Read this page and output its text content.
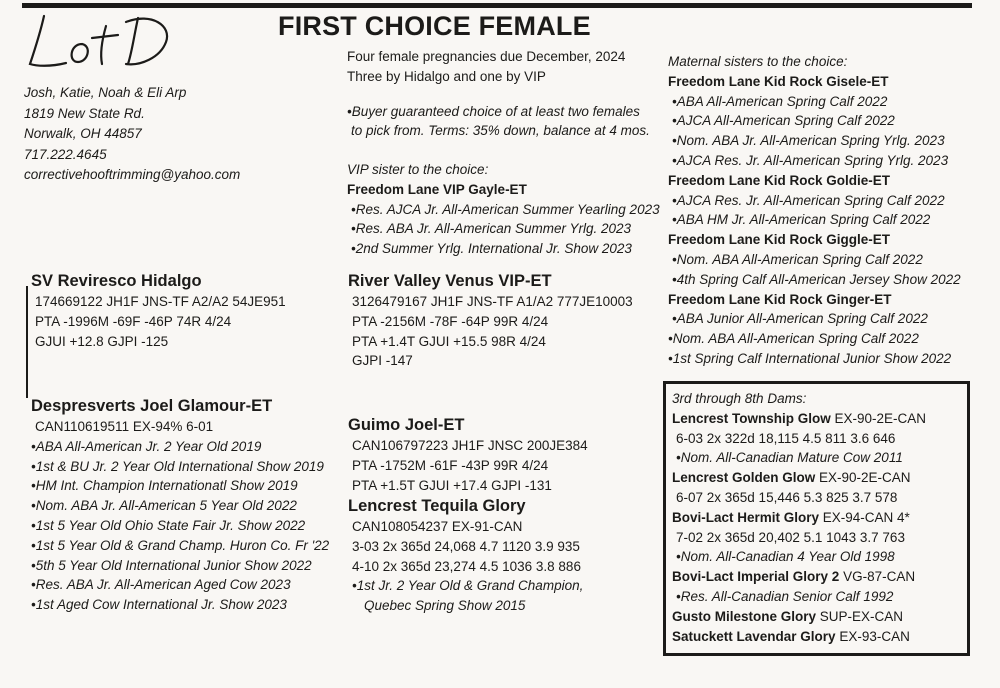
FIRST CHOICE FEMALE
Josh, Katie, Noah & Eli Arp
1819 New State Rd.
Norwalk, OH 44857
717.222.4645
correctivehooftrimming@yahoo.com
Four female pregnancies due December, 2024
Three by Hidalgo and one by VIP
•Buyer guaranteed choice of at least two females
to pick from. Terms: 35% down, balance at 4 mos.
VIP sister to the choice:
Freedom Lane VIP Gayle-ET
•Res. AJCA Jr. All-American Summer Yearling 2023
•Res. ABA Jr. All-American Summer Yrlg. 2023
•2nd Summer Yrlg. International Jr. Show 2023
Maternal sisters to the choice:
Freedom Lane Kid Rock Gisele-ET
•ABA All-American Spring Calf 2022
•AJCA All-American Spring Calf 2022
•Nom. ABA Jr. All-American Spring Yrlg. 2023
•AJCA Res. Jr. All-American Spring Yrlg. 2023
Freedom Lane Kid Rock Goldie-ET
•AJCA Res. Jr. All-American Spring Calf 2022
•ABA HM Jr. All-American Spring Calf 2022
Freedom Lane Kid Rock Giggle-ET
•Nom. ABA All-American Spring Calf 2022
•4th Spring Calf All-American Jersey Show 2022
Freedom Lane Kid Rock Ginger-ET
•ABA Junior All-American Spring Calf 2022
•Nom. ABA All-American Spring Calf 2022
•1st Spring Calf International Junior Show 2022
SV Reviresco Hidalgo
174669122 JH1F JNS-TF A2/A2 54JE951
PTA -1996M -69F -46P 74R 4/24
GJUI +12.8 GJPI -125
River Valley Venus VIP-ET
3126479167 JH1F JNS-TF A1/A2 777JE10003
PTA -2156M -78F -64P 99R 4/24
PTA +1.4T GJUI +15.5 98R 4/24
GJPI -147
Despresverts Joel Glamour-ET
CAN110619511 EX-94% 6-01
•ABA All-American Jr. 2 Year Old 2019
•1st & BU Jr. 2 Year Old International Show 2019
•HM Int. Champion Internationatl Show 2019
•Nom. ABA Jr. All-American 5 Year Old 2022
•1st 5 Year Old Ohio State Fair Jr. Show 2022
•1st 5 Year Old & Grand Champ. Huron Co. Fr '22
•5th 5 Year Old International Junior Show 2022
•Res. ABA Jr. All-American Aged Cow 2023
•1st Aged Cow International Jr. Show 2023
Guimo Joel-ET
CAN106797223 JH1F JNSC 200JE384
PTA -1752M -61F -43P 99R 4/24
PTA +1.5T GJUI +17.4 GJPI -131
Lencrest Tequila Glory
CAN108054237 EX-91-CAN
3-03 2x 365d 24,068 4.7 1120 3.9 935
4-10 2x 365d 23,274 4.5 1036 3.8 886
•1st Jr. 2 Year Old & Grand Champion,
Quebec Spring Show 2015
3rd through 8th Dams:
Lencrest Township Glow EX-90-2E-CAN
6-03 2x 322d 18,115 4.5 811 3.6 646
•Nom. All-Canadian Mature Cow 2011
Lencrest Golden Glow EX-90-2E-CAN
6-07 2x 365d 15,446 5.3 825 3.7 578
Bovi-Lact Hermit Glory EX-94-CAN 4*
7-02 2x 365d 20,402 5.1 1043 3.7 763
•Nom. All-Canadian 4 Year Old 1998
Bovi-Lact Imperial Glory 2 VG-87-CAN
•Res. All-Canadian Senior Calf 1992
Gusto Milestone Glory SUP-EX-CAN
Satuckett Lavendar Glory EX-93-CAN
